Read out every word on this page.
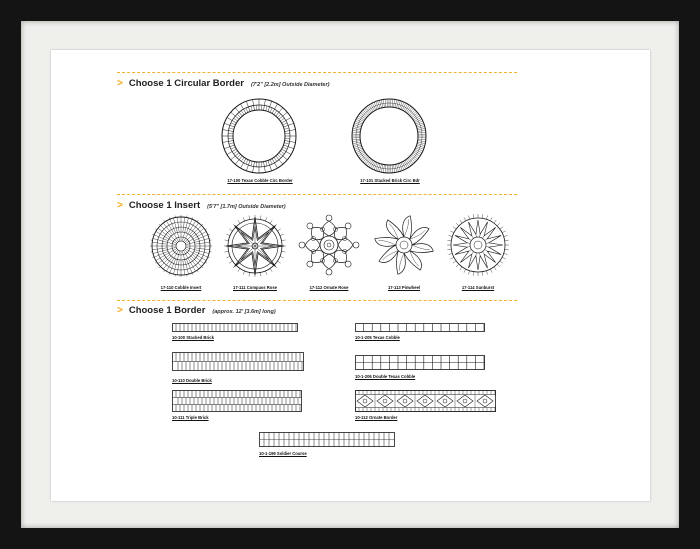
> Choose 1 Circular Border (7'2" [2.2m] Outside Diameter)
17-100 Texas Cobble Circ Border	17-101 Stacked Brick Circ Bdr
> Choose 1 Insert (5'7" [1.7m] Outside Diameter)
17-110 Cobble Insert	17-111 Compass Rose	17-112 Ornate Rose	17-113 Pinwheel	17-114 Sunburst
> Choose 1 Border (approx. 12' [3.6m] long)
10-100 Stacked Brick	10-1-205 Texas Cobble
10-110 Double Brick
10-1-206 Double Texas Cobble
10-111 Triple Brick	10-112 Ornate Border
10-1-199 Soldier Course
